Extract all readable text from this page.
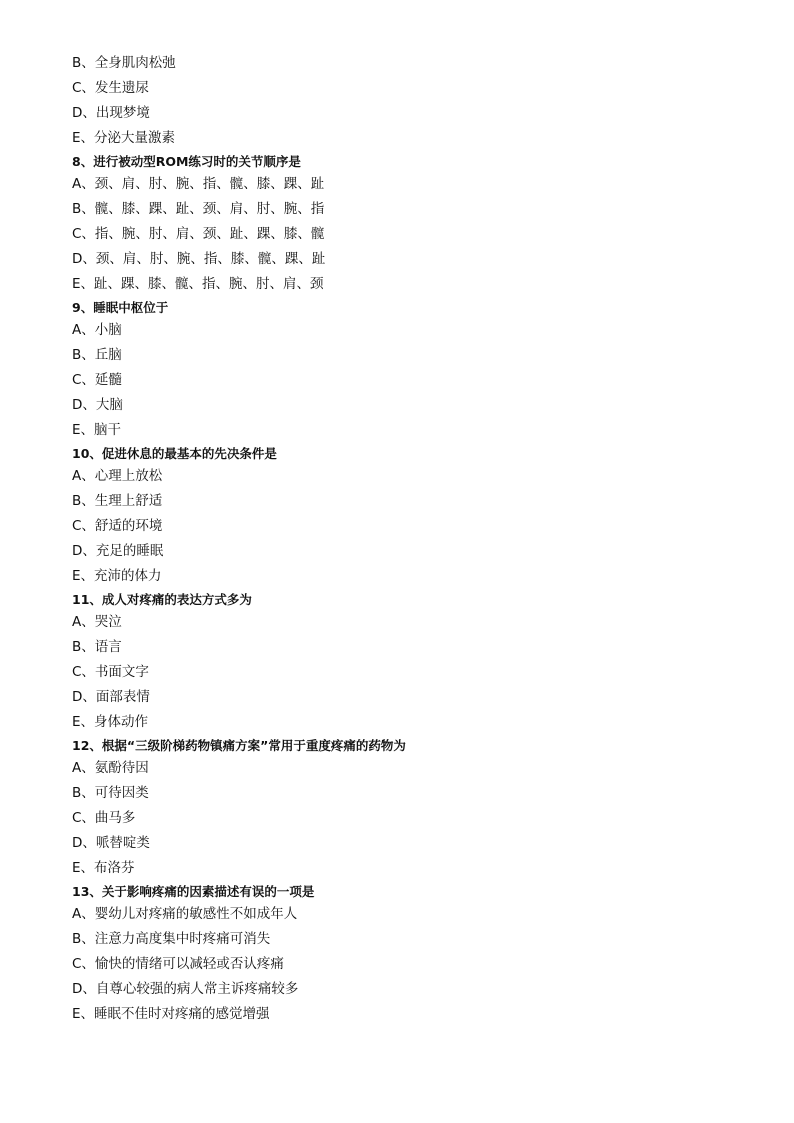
B、全身肌肉松弛
C、发生遗尿
D、出现梦境
E、分泌大量激素
8、进行被动型ROM练习时的关节顺序是
A、颈、肩、肘、腕、指、髋、膝、踝、趾
B、髋、膝、踝、趾、颈、肩、肘、腕、指
C、指、腕、肘、肩、颈、趾、踝、膝、髋
D、颈、肩、肘、腕、指、膝、髋、踝、趾
E、趾、踝、膝、髋、指、腕、肘、肩、颈
9、睡眠中枢位于
A、小脑
B、丘脑
C、延髓
D、大脑
E、脑干
10、促进休息的最基本的先决条件是
A、心理上放松
B、生理上舒适
C、舒适的环境
D、充足的睡眠
E、充沛的体力
11、成人对疼痛的表达方式多为
A、哭泣
B、语言
C、书面文字
D、面部表情
E、身体动作
12、根据“三级阶梯药物镇痛方案”常用于重度疼痛的药物为
A、氨酚待因
B、可待因类
C、曲马多
D、哌替啶类
E、布洛芬
13、关于影响疼痛的因素描述有误的一项是
A、婴幼儿对疼痛的敏感性不如成年人
B、注意力高度集中时疼痛可消失
C、愉快的情绪可以减轻或否认疼痛
D、自尊心较强的病人常主诉疼痛较多
E、睡眠不佳时对疼痛的感觉增强
